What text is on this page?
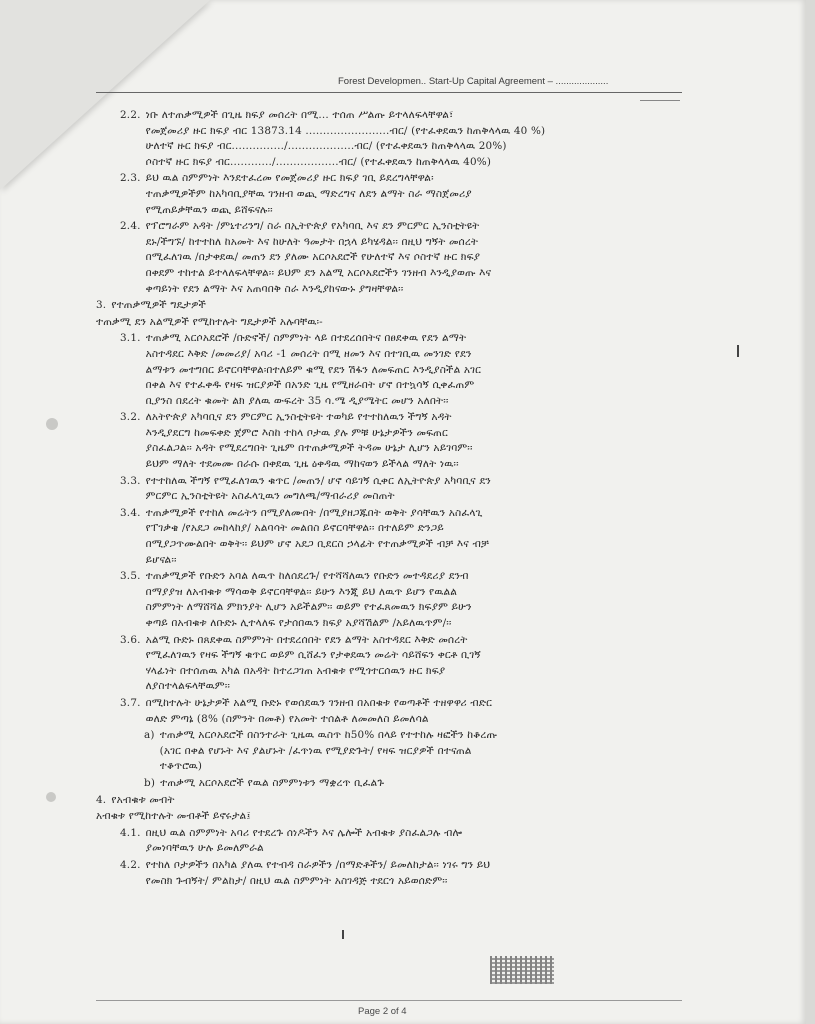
Forest Developmen.. Start-Up Capital Agreement – ....................
2.2. ነቡ ለተጠቃሚዎች በጊዜ ክፍያ መሰረት በሚ... ተሰጠ ሥልጡ ይተላለፍላቸዋል፣
የመጀመሪያ ዙር ክፍያ ብር 13873.14 ........................ብር/ (የተፈቀደዉን ከጠቅላላዉ 40 %)
ሁለተኛ ዙር ክፍያ ብር.............../...................ብር/ (የተፈቀደዉን ከጠቅላላዉ 20%)
ሶስተኛ ዙር ክፍያ ብር............/..................ብር/ (የተፈቀደዉን ከጠቅላላዉ 40%)
2.3. ይህ ዉል ስምምነት እንደተፈረመ የመጀመሪያ ዙር ክፍያ ገቢ ይደረግላቸዋል፡
ተጠቃሚዎችም ከአካባቢያቸዉ ገንዘብ ወጪ ማድረግና ለደን ልማት ስራ ማስጀመሪያ
የሚጠይቃቸዉን ወጪ ይሸፍናሉ፡፡
2.4. የፕሮግራም አዳት /ምኒተሪንግ/ ስራ በኢትዮጵያ የአካባቢ እና ደን ምርምር ኢንስቲትዩት
ደኑ/ችግኙ/ ከተተከለ ከአመት እና ከሁለት ዓመታት በኋላ ይካሄዳል፡፡ በዚህ ግኝት መሰረት
በሚፈለገዉ /በታቀደዉ/ መጠን ደን ያለሙ አርሶአደሮች የሁለተኛ እና ሶስተኛ ዙር ክፍያ
በቀደም ተከተል ይተላለፍላቸዋል፡፡ ይህም ደን አልሚ አርሶአደሮችን ገንዘብ እንዲያወጡ እና
ቀጣይነት የደን ልማት እና አጠባበቅ ስራ እንዲያከናውኑ ያግዛቸዋል፡፡
3. የተጠቃሚዎች ግዴታዎች
ተጠቃሚ ደን አልሚዎች የሚከተሉት ግዴታዎች አሉባቸዉ፡-
3.1. ተጠቃሚ አርሶአደሮች /ቡድኖች/ ስምምነት ላይ በተደረሰበትና በፀደቀዉ የደን ልማት
አስተዳደር እቅድ /መመሪያ/ አባሪ -1 መሰረት በሚ ዘመን እና በተገቢዉ መንገድ የደን
ልማቱን መተግበር ይኖርባቸዋል፡በተለይም ቁሚ የደን ሽፋን ለመፍጠር እንዲያስችል አገር
በቀል እና የተፈቀዱ የዛፍ ዝርያዎች በአንድ ጊዜ የሚዘራበት ሆኖ በተኳሳኝ ሲቀፈጠም
ቢያንስ በደረት ቁመት ልክ ያለዉ ውፍረት 35 ሳ.ሜ ዲያሜትር መሆን አለበት፡፡
3.2. ለአትዮጵያ አካባቢና ደን ምርምር ኢንስቲትዩት ተወካይ የተተከለዉን ችግኝ አዳት
እንዲያደርግ ከመፍቀድ ጀምሮ እስከ ተከላ ቦታዉ ያሉ ምቹ ሁኔታዎችን መፍጠር
ያስፈልጋል፡፡ አዳት የሚደረግበት ጊዜም በተጠቃሚዎች ትዳመ ሁኔታ ሊሆን አይገባም፡፡
ይህም ማለት ተደመሙ በራሱ በቀደዉ ጊዜ ዕቀዳዉ ማከናወን ይችላል ማለት ነዉ፡፡
3.3. የተተከለዉ ችግኝ የሚፈለገዉን ቁጥር /መጠን/ ሆኖ ሳይገኝ ሲቀር ለኢትዮጵያ አካባቢና ደን
ምርምር ኢንስቲትዩት አስፈላጊዉን መግለጫ/ማብራሪያ መስጠት
3.4. ተጠቃሚዎች የተከለ መሬትን በሚያለሙበት /በሚያዘጋጁበት ወቅት ያሳቸዉን አስፈላጊ
የፐገቃቄ /የአደጋ መከላከያ/ አልባሳት መልበስ ይኖርባቸዋል፡፡ በተለይም ድንጋይ
በሚያጋጥሙልበት ወቅት፡፡ ይህም ሆኖ አደጋ ቢደርስ ኃላፊት የተጠቃሚዎች ብቻ እና ብቻ
ይሆናል፡፡
3.5. ተጠቃሚዎች የቡድን አባል ለዉጥ ከለሰደረጉ/ የተሻሻለዉን የቡድን መተዳደሪያ ደንብ
በማያያዝ ለአብቁቱ ማሳወቅ ይኖርባቸዋል፡፡ ይሁን እንጂ ይህ ለዉጥ ይሆን የዉልል
ስምምነት ለማሸሻል ምክንያት ሊሆን አይችልም፡፡ ወይም የተፈጸመዉን ክፍያም ይሁን
ቀጣይ በአብቁቱ ለቡድኑ ሊተላለፍ የታሰበዉን ክፍያ አያሻሽልም /አይለዉጥም/፡፡
3.6. አልሚ ቡድኑ በጸደቀዉ ስምምነት በተደረሰበት የደን ልማት አስተዳደር እቅድ መሰረት
የሚፈለገዉን የዛፍ ችግኝ ቁጥር ወይም ሲሸፈን የታቀደዉን መሬት ሳይሸፍን ቀርቶ ቢገኝ
ሃላፊነት በተሰጠዉ አካል በአዳት ከተረጋገጠ አብቁቱ የሚጎተርሰዉን ዙር ክፍያ
ለያስተላልፍላቸዉም፡፡
3.7. በሚከተሉት ሁኔታዎች አልሚ ቡድኑ የወሰደዉን ገንዘብ በአበቁቱ የወጣቶች ተዘዋዋሪ ብድር
ወለድ ምጣኔ (8% (ስምንት በመቶ) የአመት ተሰልቶ ለመመለስ ይመለሳል
a) ተጠቃሚ አርሶአደሮች በስንተራት ጊዜዉ ዉስጥ ከ50% በላይ የተተከሉ ዛፎችን ከቆረጡ
(አገር በቀል የሆኑት እና ያልሆኑት /ፈጥነዉ የሚያድጉት/ የዛፍ ዝርያዎች በተናጠል
ተቆጥሮዉ)
b) ተጠቃሚ አርሶአደሮች የዉል ስምምነቱን ማቋረጥ ቢፈልጉ
4. የአብቁቱ መብት
አብቁቱ የሚከተሉት መብቶች ይኖሩታል፤
4.1. በዚህ ዉል ስምምነት አባሪ የተደረጉ ሰነዶችን እና ሌሎች አብቁቱ ያስፈልጋሉ ብሎ
ያመነባቸዉን ሁሉ ይመለምራል
4.2. የተከለ ቦታዎችን በአካል ያለዉ የተብዳ ስራዎችን /በማድቶችን/ ይመለከታል፡፡ ነገሩ ግን ይህ
የመስክ ጉብኝት/ ምልከታ/ በዚህ ዉል ስምምነት አስገዳጅ ተደርጎ አይወሰድም፡፡
Page 2 of 4
